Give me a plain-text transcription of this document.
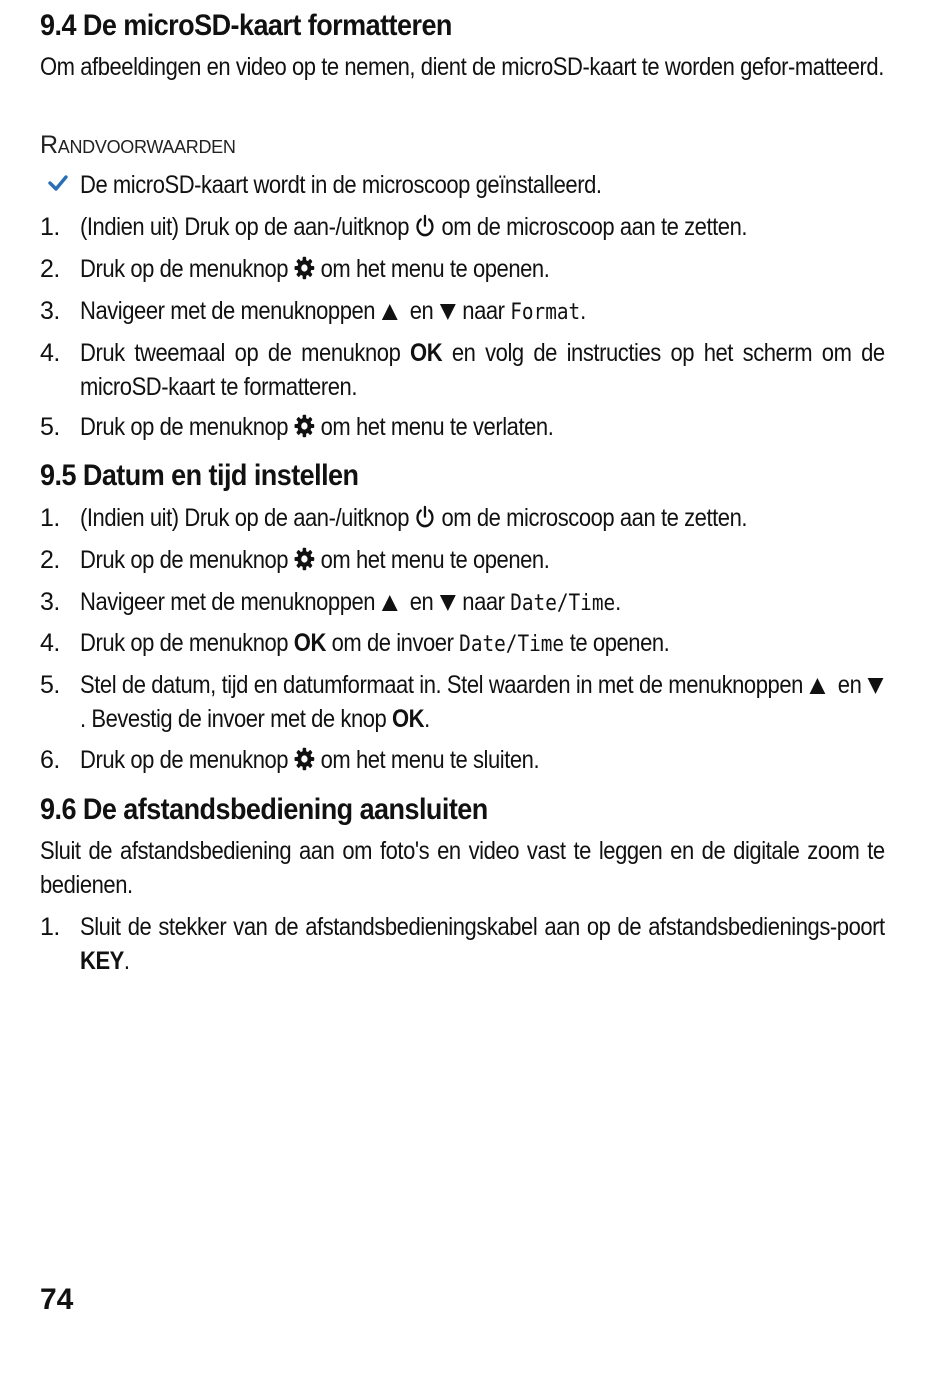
9.4 De microSD-kaart formatteren

Om afbeeldingen en video op te nemen, dient de microSD-kaart te worden gefor-matteerd.

Randvoorwaarden

De microSD-kaart wordt in de microscoop geïnstalleerd.
1. (Indien uit) Druk op de aan-/uitknop om de microscoop aan te zetten.
2. Druk op de menuknop om het menu te openen.
3. Navigeer met de menuknoppen en naar Format.
4. Druk tweemaal op de menuknop OK en volg de instructies op het scherm om de microSD-kaart te formatteren.
5. Druk op de menuknop om het menu te verlaten.
9.5 Datum en tijd instellen
1. (Indien uit) Druk op de aan-/uitknop om de microscoop aan te zetten.
2. Druk op de menuknop om het menu te openen.
3. Navigeer met de menuknoppen en naar Date/Time.
4. Druk op de menuknop OK om de invoer Date/Time te openen.
5. Stel de datum, tijd en datumformaat in. Stel waarden in met de menuknoppen en  . Bevestig de invoer met de knop OK.
6. Druk op de menuknop om het menu te sluiten.
9.6 De afstandsbediening aansluiten

Sluit de afstandsbediening aan om foto's en video vast te leggen en de digitale zoom te bedienen.

1. Sluit de stekker van de afstandsbedieningskabel aan op de afstandsbedienings-poort KEY.
74
